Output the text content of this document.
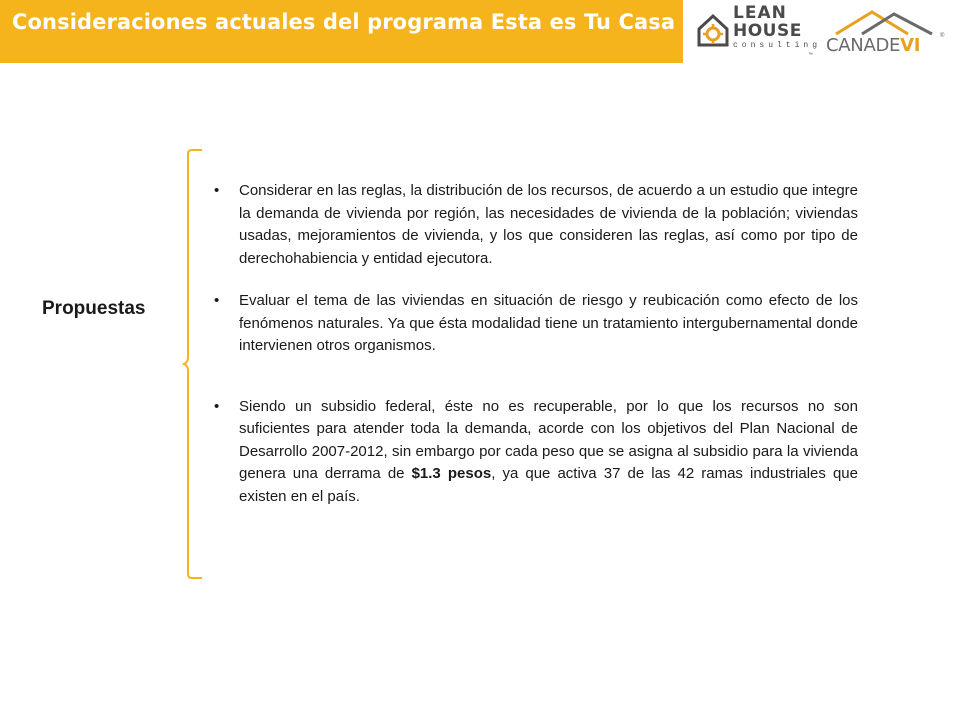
Consideraciones actuales del programa Esta es Tu Casa	LEAN
HOUSE
consulting
™ CANADEVI	®
Propuestas
• Considerar en las reglas, la distribución de los recursos, de acuerdo a un estudio que integre la demanda de vivienda por región, las necesidades de vivienda de la población; viviendas usadas, mejoramientos de vivienda, y los que consideren las reglas, así como por tipo de derechohabiencia y entidad ejecutora.
• Evaluar el tema de las viviendas en situación de riesgo y reubicación como efecto de los fenómenos naturales. Ya que ésta modalidad tiene un tratamiento intergubernamental donde intervienen otros organismos.
• Siendo un subsidio federal, éste no es recuperable, por lo que los recursos no son suficientes para atender toda la demanda, acorde con los objetivos del Plan Nacional de Desarrollo 2007-2012, sin embargo por cada peso que se asigna al subsidio para la vivienda genera una derrama de $1.3 pesos, ya que activa 37 de las 42 ramas industriales que existen en el país.
